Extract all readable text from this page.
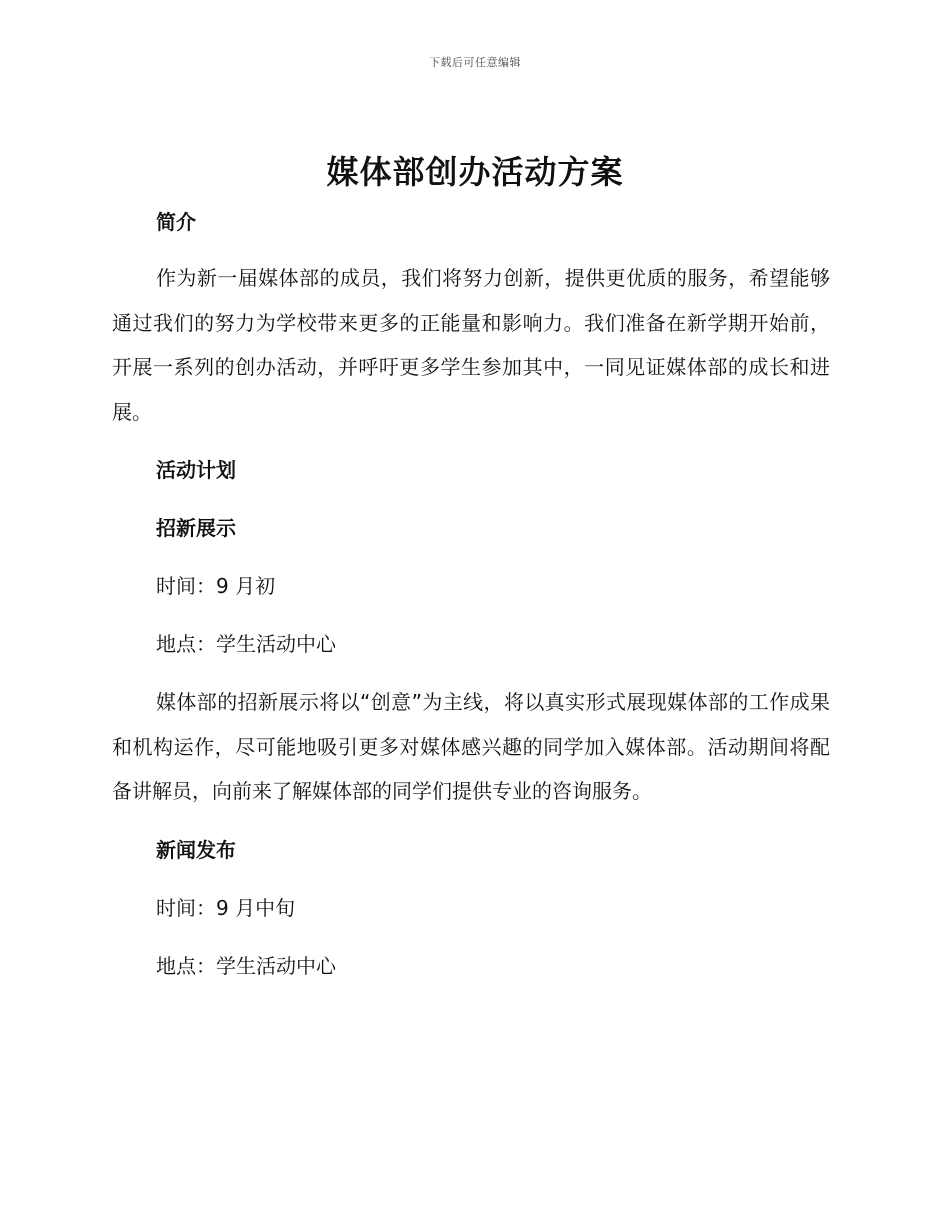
下载后可任意编辑
媒体部创办活动方案
简介

作为新一届媒体部的成员，我们将努力创新，提供更优质的服务，希望能够通过我们的努力为学校带来更多的正能量和影响力。我们准备在新学期开始前，开展一系列的创办活动，并呼吁更多学生参加其中，一同见证媒体部的成长和进展。

活动计划
招新展示
时间：9 月初
地点：学生活动中心

媒体部的招新展示将以“创意”为主线，将以真实形式展现媒体部的工作成果和机构运作，尽可能地吸引更多对媒体感兴趣的同学加入媒体部。活动期间将配备讲解员，向前来了解媒体部的同学们提供专业的咨询服务。

新闻发布
时间：9 月中旬
地点：学生活动中心
